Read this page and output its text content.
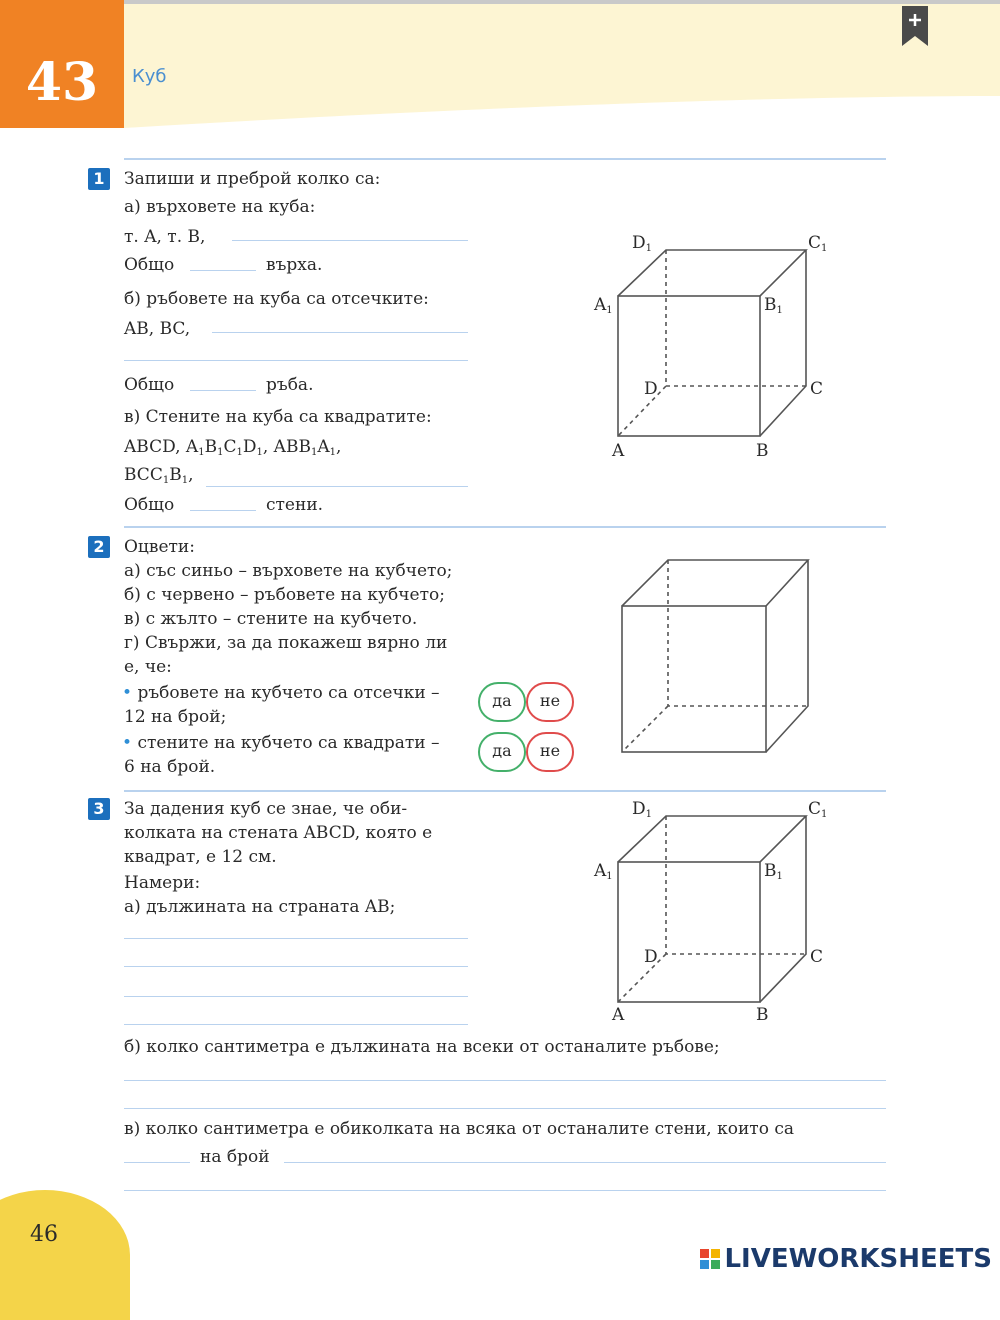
43	Куб
1	Запиши и преброй колко са:
а) върховете на куба:
т. A, т. B,
Общо	върха.
б) ръбовете на куба са отсечките:
AB, BC,
Общо	ръба.
в) Стените на куба са квадратите:
ABCD, $A_1B_1C_1D_1$, $ABB_1A_1$,
$BCC_1B_1$,
Общо	стени.
D1	C1
A1	B1
D	C
A	B
2	Оцвети:
а) със синьо – върховете на кубчето;
б) с червено – ръбовете на кубчето;
в) с жълто – стените на кубчето.
г) Свържи, за да покажеш вярно ли
е, че:
• ръбовете на кубчето са отсечки –
12 на брой;
• стените на кубчето са квадрати –
6 на брой.
да	не
да	не
3	За дадения куб се знае, че оби-
колката на стената ABCD, която е
квадрат, е 12 см.
Намери:
а) дължината на страната AB;
D1	C1
A1	B1
D	C
A	B
б) колко сантиметра е дължината на всеки от останалите ръбове;
в) колко сантиметра е обиколката на всяка от останалите стени, които са
на брой
46
LIVEWORKSHEETS
